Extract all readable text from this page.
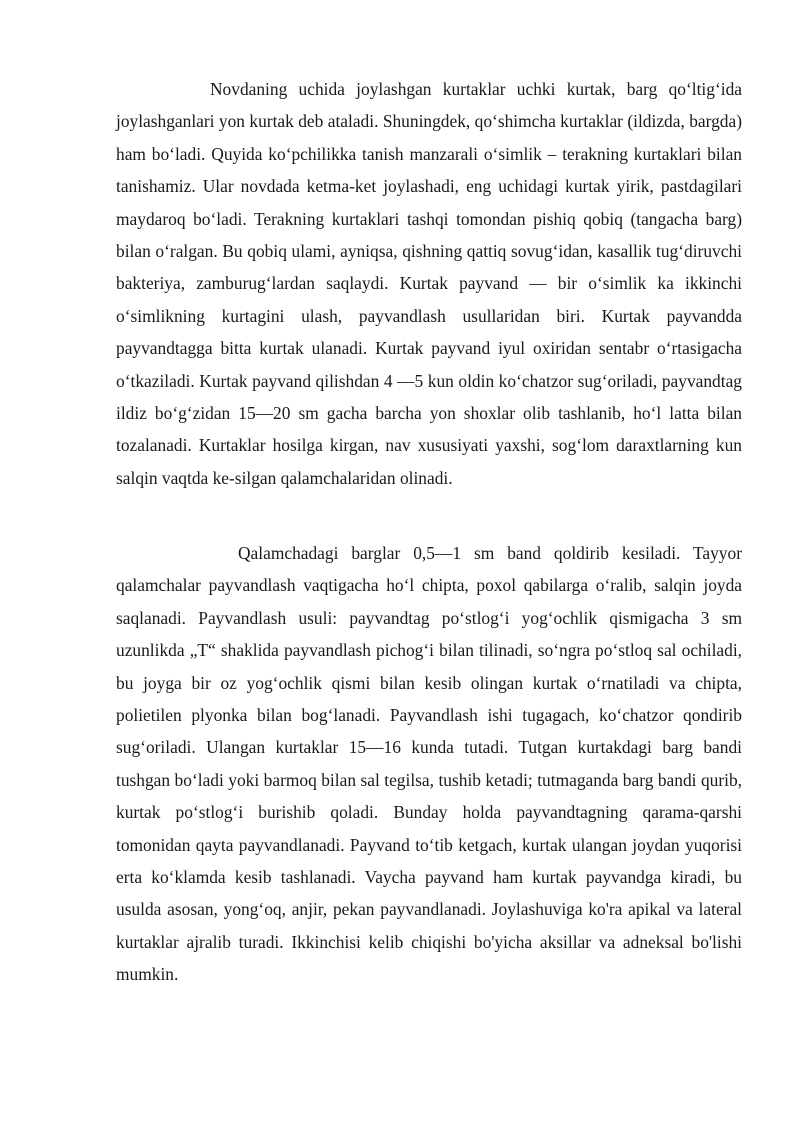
Novdaning uchida joylashgan kurtaklar uchki kurtak, barg qo‘ltig‘ida joylashganlari yon kurtak deb ataladi. Shuningdek, qo‘shimcha kurtaklar (ildizda, bargda) ham bo‘ladi. Quyida ko‘pchilikka tanish manzarali o‘simlik – terakning kurtaklari bilan tanishamiz. Ular novdada ketma-ket joylashadi, eng uchidagi kurtak yirik, pastdagilari maydaroq bo‘ladi. Terakning kurtaklari tashqi tomondan pishiq qobiq (tangacha barg) bilan o‘ralgan. Bu qobiq ulami, ayniqsa, qishning qattiq sovug‘idan, kasallik tug‘diruvchi bakteriya, zamburug‘lardan saqlaydi. Kurtak payvand — bir o‘simlik ka ikkinchi o‘simlikning kurtagini ulash, payvandlash usullaridan biri. Kurtak payvandda payvandtagga bitta kurtak ulanadi. Kurtak payvand iyul oxiridan sentabr o‘rtasigacha o‘tkaziladi. Kurtak payvand qilishdan 4 —5 kun oldin ko‘chatzor sug‘oriladi, payvandtag ildiz bo‘g‘zidan 15—20 sm gacha barcha yon shoxlar olib tashlanib, ho‘l latta bilan tozalanadi. Kurtaklar hosilga kirgan, nav xususiyati yaxshi, sog‘lom daraxtlarning kun salqin vaqtda ke-silgan qalamchalaridan olinadi.

Qalamchadagi barglar 0,5—1 sm band qoldirib kesiladi. Tayyor qalamchalar payvandlash vaqtigacha ho‘l chipta, poxol qabilarga o‘ralib, salqin joyda saqlanadi. Payvandlash usuli: payvandtag po‘stlog‘i yog‘ochlik qismigacha 3 sm uzunlikda „T“ shaklida payvandlash pichog‘i bilan tilinadi, so‘ngra po‘stloq sal ochiladi, bu joyga bir oz yog‘ochlik qismi bilan kesib olingan kurtak o‘rnatiladi va chipta, polietilen plyonka bilan bog‘lanadi. Payvandlash ishi tugagach, ko‘chatzor qondirib sug‘oriladi. Ulangan kurtaklar 15—16 kunda tutadi. Tutgan kurtakdagi barg bandi tushgan bo‘ladi yoki barmoq bilan sal tegilsa, tushib ketadi; tutmaganda barg bandi qurib, kurtak po‘stlog‘i burishib qoladi. Bunday holda payvandtagning qarama-qarshi tomonidan qayta payvandlanadi. Payvand to‘tib ketgach, kurtak ulangan joydan yuqorisi erta ko‘klamda kesib tashlanadi. Vaycha payvand ham kurtak payvandga kiradi, bu usulda asosan, yong‘oq, anjir, pekan payvandlanadi. Joylashuviga ko'ra apikal va lateral kurtaklar ajralib turadi. Ikkinchisi kelib chiqishi bo'yicha aksillar va adneksal bo'lishi mumkin.
